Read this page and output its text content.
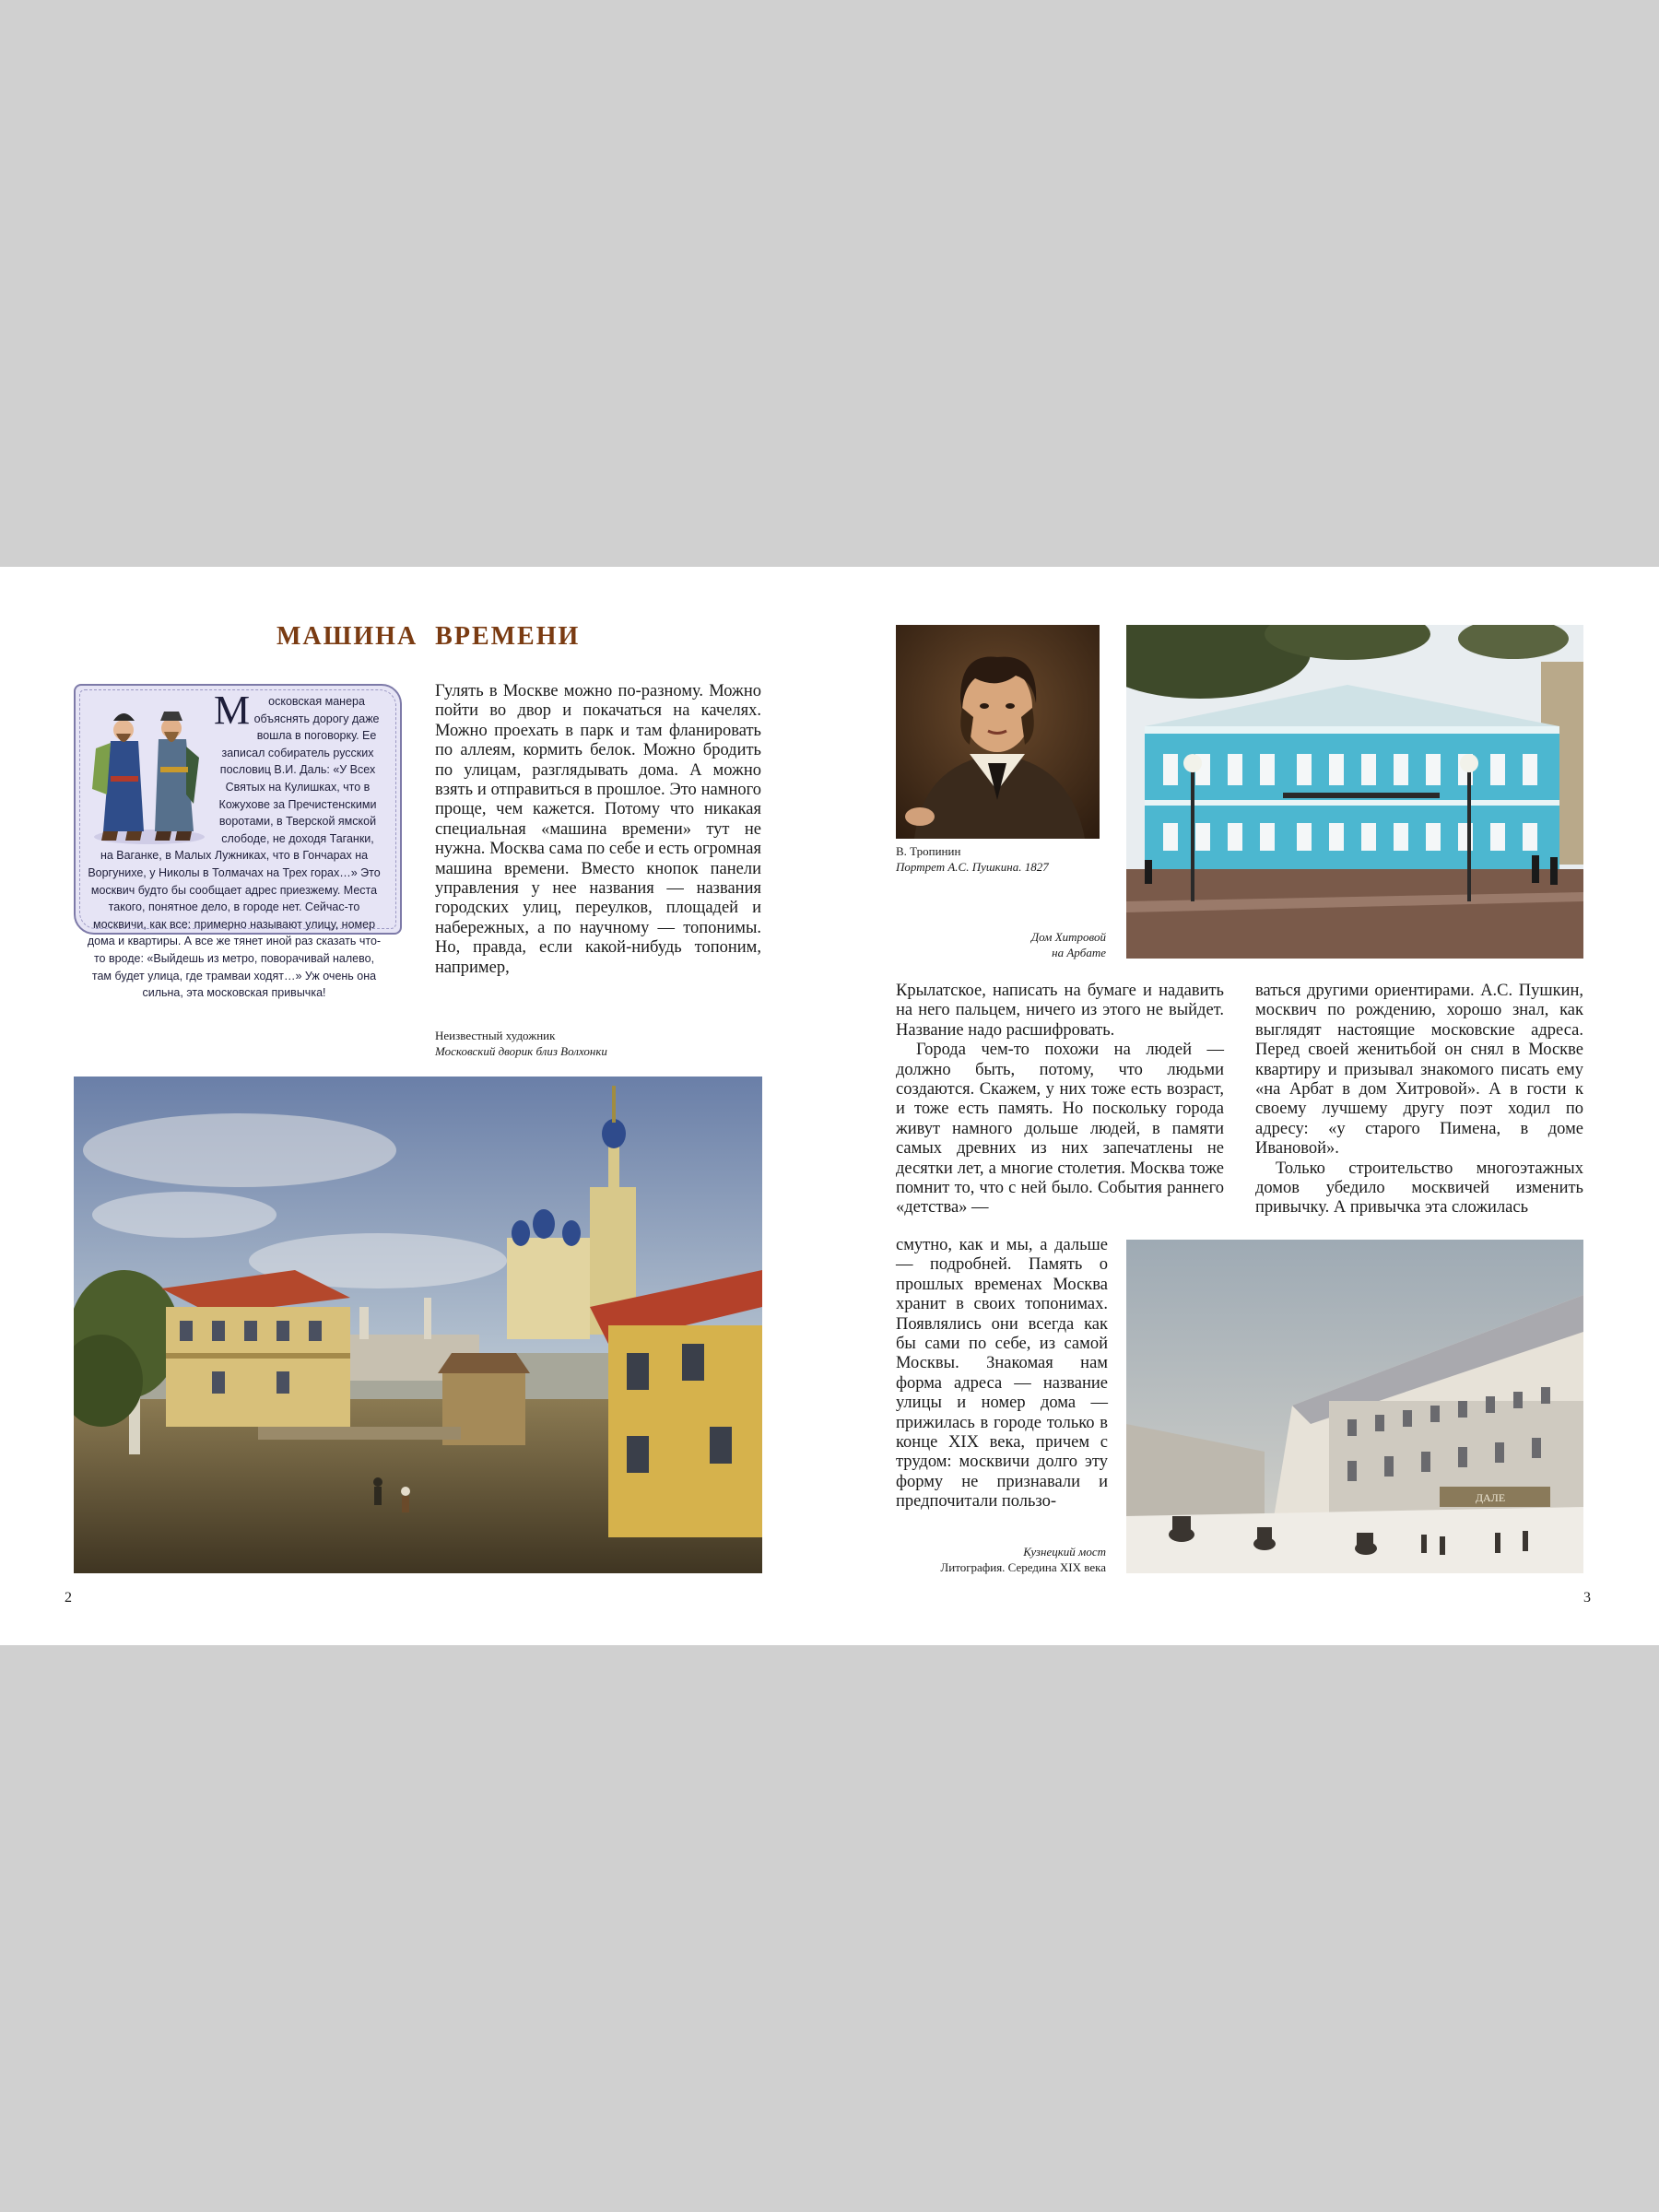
МАШИНА ВРЕМЕНИ
М осковская манера объяснять дорогу даже вошла в поговорку. Ее записал собиратель русских пословиц В.И. Даль: «У Всех Святых на Кулишках, что в Кожухове за Пречистенскими воротами, в Тверской ямской слободе, не доходя Таганки, на Ваганке, в Малых Лужниках, что в Гончарах на Воргунихе, у Николы в Толмачах на Трех горах…» Это москвич будто бы сообщает адрес приезжему. Места такого, понятное дело, в городе нет. Сейчас-то москвичи, как все: примерно называют улицу, номер дома и квартиры. А все же тянет иной раз сказать что-то вроде: «Выйдешь из метро, поворачивай налево, там будет улица, где трамваи ходят…» Уж очень она сильна, эта московская привычка!
Гулять в Москве можно по-разному. Можно пойти во двор и покачаться на качелях. Можно проехать в парк и там фланировать по аллеям, кормить белок. Можно бродить по улицам, разглядывать дома. А можно взять и отправиться в прошлое. Это намного проще, чем кажется. Потому что никакая специальная «машина времени» тут не нужна. Москва сама по себе и есть огромная машина времени. Вместо кнопок панели управления у нее названия — названия городских улиц, переулков, площадей и набережных, а по научному — топонимы. Но, правда, если какой-нибудь топоним, например,
Неизвестный художник
Московский дворик близ Волхонки
2
В. Тропинин
Портрет А.С. Пушкина. 1827
Дом Хитровой
на Арбате
Крылатское, написать на бумаге и надавить на него пальцем, ничего из этого не выйдет. Название надо расшифровать.
Города чем-то похожи на людей — должно быть, потому, что людьми создаются. Скажем, у них тоже есть возраст, и тоже есть память. Но поскольку города живут намного дольше людей, в памяти самых древних из них запечатлены не десятки лет, а многие столетия. Москва тоже помнит то, что с ней было. События раннего «детства» —
смутно, как и мы, а дальше — подробней. Память о прошлых временах Москва хранит в своих топонимах. Появлялись они всегда как бы сами по себе, из самой Москвы. Знакомая нам форма адреса — название улицы и номер дома — прижилась в городе только в конце XIX века, причем с трудом: москвичи долго эту форму не признавали и предпочитали пользо-
ваться другими ориентирами. А.С. Пушкин, москвич по рождению, хорошо знал, как выглядят настоящие московские адреса. Перед своей женитьбой он снял в Москве квартиру и призывал знакомого писать ему «на Арбат в дом Хитровой». А в гости к своему лучшему другу поэт ходил по адресу: «у старого Пимена, в доме Ивановой».
Только строительство многоэтажных домов убедило москвичей изменить привычку. А привычка эта сложилась
ДАЛЕ
Кузнецкий мост
Литография. Середина XIX века
3
